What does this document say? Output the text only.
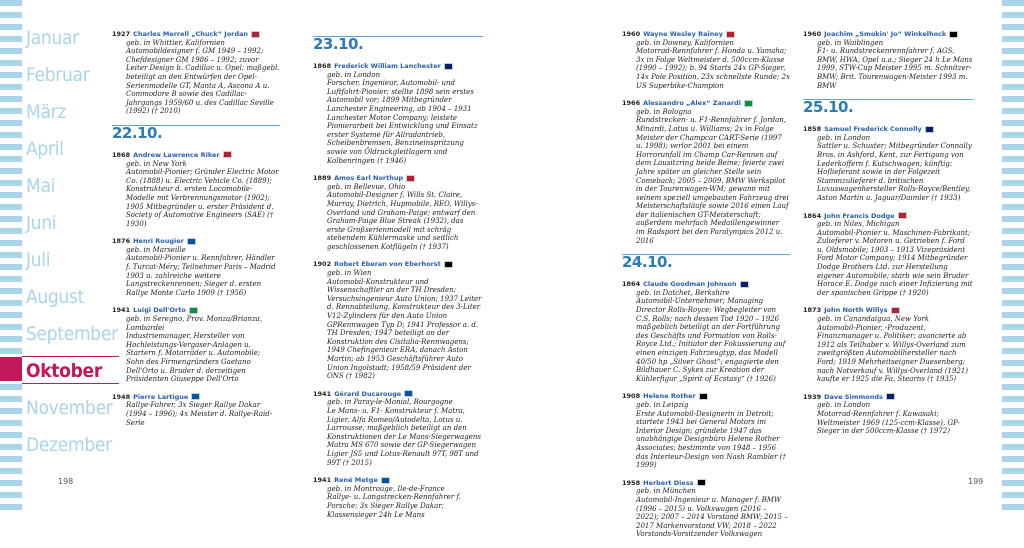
Januar
Februar
März
April
Mai
Juni
Juli
August
September
Oktober
November
Dezember
1927 Charles Merrell „Chuck“ Jordan
geb. in Whittier, Kalifornien
Automobildesigner f. GM 1949 – 1992; Chefdesigner GM 1986 – 1992; zuvor Leiter Design b. Cadillac u. Opel; maßgebl. beteiligt an den Entwürfen der Opel-Serienmodelle GT, Manta A, Ascona A u. Commodore B sowie des Cadillac-Jahrgangs 1959/60 u. des Cadillac Seville (1992) († 2010)
22.10.
1868 Andrew Lawrence Riker
geb. in New York
Automobil-Pionier; Gründer Electric Motor Co. (1888) u. Electric Vehicle Co. (1889); Konstrukteur d. ersten Locomobile-Modelle mit Verbrennungsmotor (1902); 1905 Mitbegründer u. erster Präsident d. Society of Automotive Engineers (SAE) († 1930)
1876 Henri Rougier
geb. in Marseille
Automobil-Pionier u. Rennfahrer, Händler f. Turcat-Méry; Teilnehmer Paris – Madrid 1903 u. zahlreiche weitere Langstreckenrennen; Sieger d. ersten Rallye Monte Carlo 1909 († 1956)
1941 Luigi Dell'Orto
geb. in Seregno, Prov. Monza/Brianza, Lombardei
Industriemanager, Hersteller von Hochleistungs-Vergaser-Anlagen u. Startern f. Motorräder u. Automobile; Sohn des Firmengründers Gaetano Dell'Orto u. Bruder d. derzeitigen Präsidenten Giuseppe Dell'Orto
1948 Pierre Lartigue
Rallye-Fahrer, 3x Sieger Rallye Dakar (1994 – 1996); 4x Meister d. Rallye-Raid-Serie
23.10.
1868 Frederick William Lanchester
geb. in London
Forscher, Ingenieur, Automobil- und Luftfahrt-Pionier; stellte 1898 sein erstes Automobil vor; 1899 Mitbegründer Lanchester Engineering, ab 1904 – 1931 Lanchester Motor Company; leistete Pionierarbeit bei Entwicklung und Einsatz erster Systeme für Allradantrieb, Scheibenbremsen, Benzineinspritzung sowie von Öldruckgleitlagern und Kolbenringen († 1946)
1889 Amos Earl Northup
geb. in Bellevue, Ohio
Automobil-Designer f. Wills St. Claire, Murray, Dietrich, Hupmobile, REO, Willys-Overland und Graham-Paige; entwarf den Graham-Paige Blue Streak (1932), das erste Großserienmodell mit schräg stehendem Kühlermaske und seitlich geschlossenen Kotflügeln († 1937)
1902 Robert Eberan von Eberhorst
geb. in Wien
Automobil-Konstrukteur und Wissenschaftler an der TH Dresden; Versuchsingenieur Auto Union; 1937 Leiter d. Rennabteilung, Konstrukteur des 3-Liter V12-Zylinders für den Auto Union GPRennwagen Typ D; 1941 Professor a. d. TH Dresden; 1947 beteiligt an der Konstruktion des Cisitalia-Rennwagens; 1949 Chefingenieur ERA, danach Aston Martin; ab 1953 Geschäftsführer Auto Union Ingolstadt; 1958/59 Präsident der ONS († 1982)
1941 Gérard Ducarouge
geb. in Paray-le-Monial, Bourgogne
Le Mans- u. F1- Konstrukteur f. Matra, Ligier, Alfa Romeo/Autodelta, Lotus u. Larrousse; maßgeblich beteiligt an den Konstruktionen der Le Mans-Siegerwagens Matra MS 670 sowie der GP-Siegerwagen Ligier JS5 und Lotus-Renault 97T, 98T und 99T († 2015)
1941 René Metge
geb. in Montrouge, Ile-de-France
Rallye- u. Langstrecken-Rennfahrer f. Porsche; 3x Sieger Rallye Dakar; Klassensieger 24h Le Mans
198
1960 Wayne Wesley Rainey
geb. in Downey, Kalifornien
Motorrad-Rennfahrer f. Honda u. Yamaha; 3x in Folge Weltmeister d. 500ccm-Klasse (1990 – 1992); b. 94 Starts 24x GP-Sieger, 14x Pole Position, 23x schnellste Runde; 2x US Superbike-Champion
1966 Alessandro „Alex“ Zanardi
geb. in Bologna
Rundstrecken- u. F1-Rennfahrer f. Jordan, Minardi, Lotus u. Williams; 2x in Folge Meister der Champcar CART-Serie (1997 u. 1998); verlor 2001 bei einem Horrorunfall im Champ Car-Rennen auf dem Lausitzring beide Beine; feierte zwei Jahre später an gleicher Stelle sein Comeback; 2005 – 2009. BMW Werkspilot in der Tourenwagen-WM; gewann mit seinem speziell umgebauten Fahrzeug drei Meisterschaftsläufe sowie 2016 einen Lauf der italienischen GT-Meisterschaft; außerdem mehrfach Medaillengewinner im Radsport bei den Paralympics 2012 u. 2016
24.10.
1864 Claude Goodman Johnson
geb. in Datchet, Berkshire
Automobil-Unternehmer; Managing Director Rolls-Royce; Wegbegleiter von C.S. Rolls; nach dessen Tod 1920 – 1926 maßgeblich beteiligt an der Fortführung des Geschäfts und Formation von Rolls- Royce Ltd.; Initiator der Fokussierung auf einen einzigen Fahrzeugtyp, das Modell 40/50 hp „Silver Ghost“; engagierte den Bildhauer C. Sykes zur Kreation der Kühlerfigur „Spirit of Ecstasy“ († 1926)
1908 Helene Rother
geb. in Leipzig
Erste Automobil-Designerin in Detroit; startete 1943 bei General Motors im Interior Design; gründete 1947 das unabhängige Designbüro Helene Rother Associates; bestimmte von 1948 – 1956 das Interieur-Design von Nash Rambler († 1999)
1958 Herbert Diess
geb. in München
Automobil-Ingenieur u. Manager f. BMW (1996 – 2015) u. Volkswagen (2016 – 2022); 2007 – 2014 Vorstand BMW; 2015 – 2017 Markenvorstand VW; 2018 – 2022 Vorstands-Vorsitzender Volkswagen
1960 Joachim „Smokin' Jo“ Winkelhock
geb. in Waiblingen
F1- u. Rundstreckenrennfahrer f. AGS, BMW, HWA, Opel u.a.; Sieger 24 h Le Mans 1999, STW-Cup Meister 1995 m. Schnitzer-BMW; Brit. Tourenwagen-Meister 1993 m. BMW
25.10.
1858 Samuel Frederick Connolly
geb. in London
Sattler u. Schuster; Mitbegründer Connolly Bros. in Ashford, Kent, zur Fertigung von Lederkoffern f. Kutschwagen; künftig: Hoflieferant sowie in der Folgezeit Stammzulieferer d. britischen Luxuswagenhersteller Rolls-Royce/Bentley, Aston Martin u. Jaguar/Daimler († 1933)
1864 John Francis Dodge
geb. in Niles, Michigan
Automobil-Pionier u. Maschinen-Fabrikant; Zulieferer v. Motoren u. Getrieben f. Ford u. Oldsmobile; 1903 – 1913 Vizepräsident Ford Motor Company; 1914 Mitbegründer Dodge Brothers Ltd. zur Herstellung eigener Automobile; starb wie sein Bruder Horace E. Dodge nach einer Infizierung mit der spanischen Grippe († 1920)
1873 John North Willys
geb. in Canandaigua, New York
Automobil-Pionier, -Produzent, Finanzmanager u. Politiker; avancierte ab 1912 als Teilhaber v. Willys-Overland zum zweitgrößten Automobilhersteller nach Ford; 1919 Mehrheitseigner Duesenberg; nach Notverkauf v. Willys-Overland (1921) kaufte er 1925 die Fa. Stearns († 1935)
1939 Dave Simmonds
geb. in London
Motorrad-Rennfahrer f. Kawasaki; Weltmeister 1969 (125-ccm-Klasse), GP-Sieger in der 500ccm-Klasse († 1972)
199
